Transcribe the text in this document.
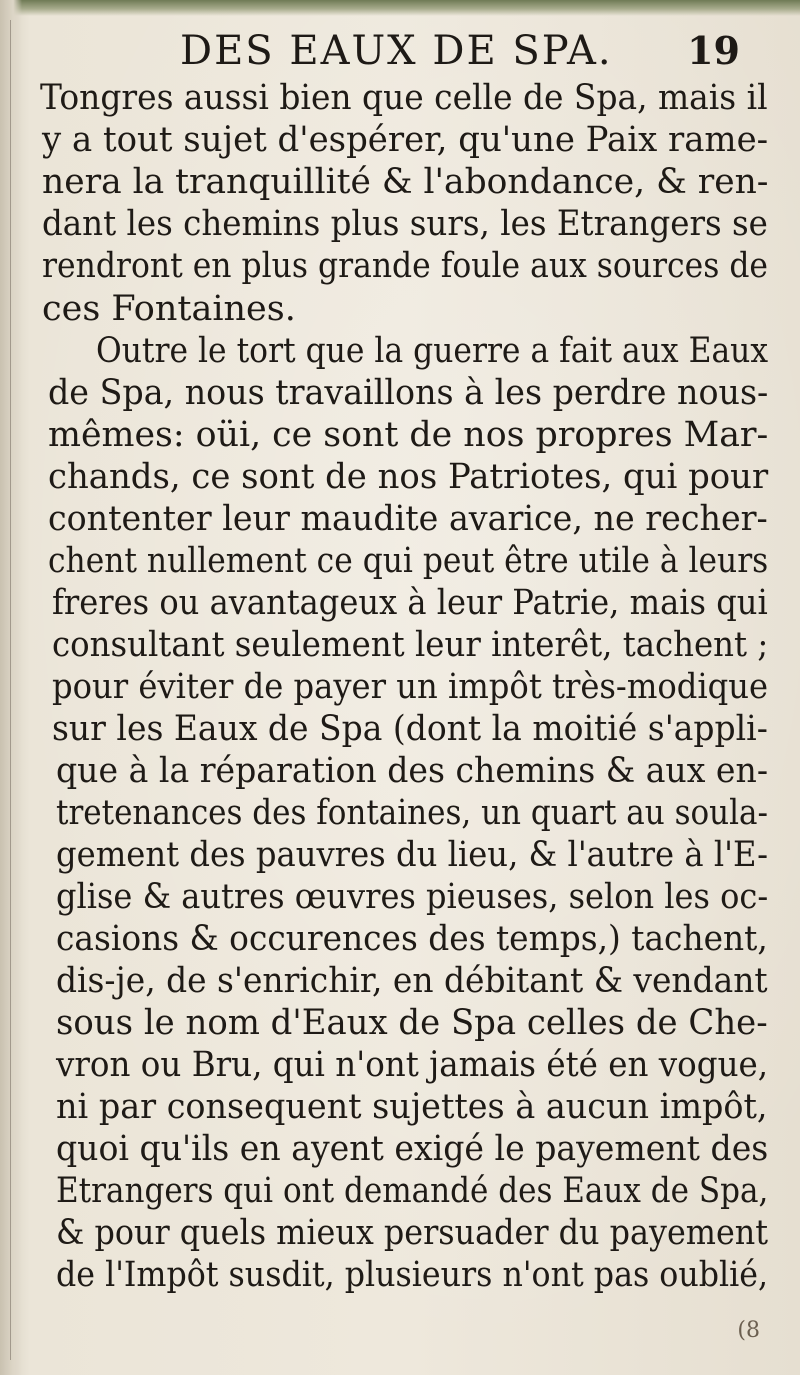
DES EAUX DE SPA. 19
Tongres aussi bien que celle de Spa, mais il
y a tout sujet d'espérer, qu'une Paix rame-
nera la tranquillité & l'abondance, & ren-
dant les chemins plus surs, les Etrangers se
rendront en plus grande foule aux sources de
ces Fontaines.
Outre le tort que la guerre a fait aux Eaux
de Spa, nous travaillons à les perdre nous-
mêmes: oüi, ce sont de nos propres Mar-
chands, ce sont de nos Patriotes, qui pour
contenter leur maudite avarice, ne recher-
chent nullement ce qui peut être utile à leurs
freres ou avantageux à leur Patrie, mais qui
consultant seulement leur interêt, tachent ;
pour éviter de payer un impôt très-modique
sur les Eaux de Spa (dont la moitié s'appli-
que à la réparation des chemins & aux en-
tretenances des fontaines, un quart au soula-
gement des pauvres du lieu, & l'autre à l'E-
glise & autres œuvres pieuses, selon les oc-
casions & occurences des temps,) tachent,
dis-je, de s'enrichir, en débitant & vendant
sous le nom d'Eaux de Spa celles de Che-
vron ou Bru, qui n'ont jamais été en vogue,
ni par consequent sujettes à aucun impôt,
quoi qu'ils en ayent exigé le payement des
Etrangers qui ont demandé des Eaux de Spa,
& pour quels mieux persuader du payement
de l'Impôt susdit, plusieurs n'ont pas oublié,
(8
